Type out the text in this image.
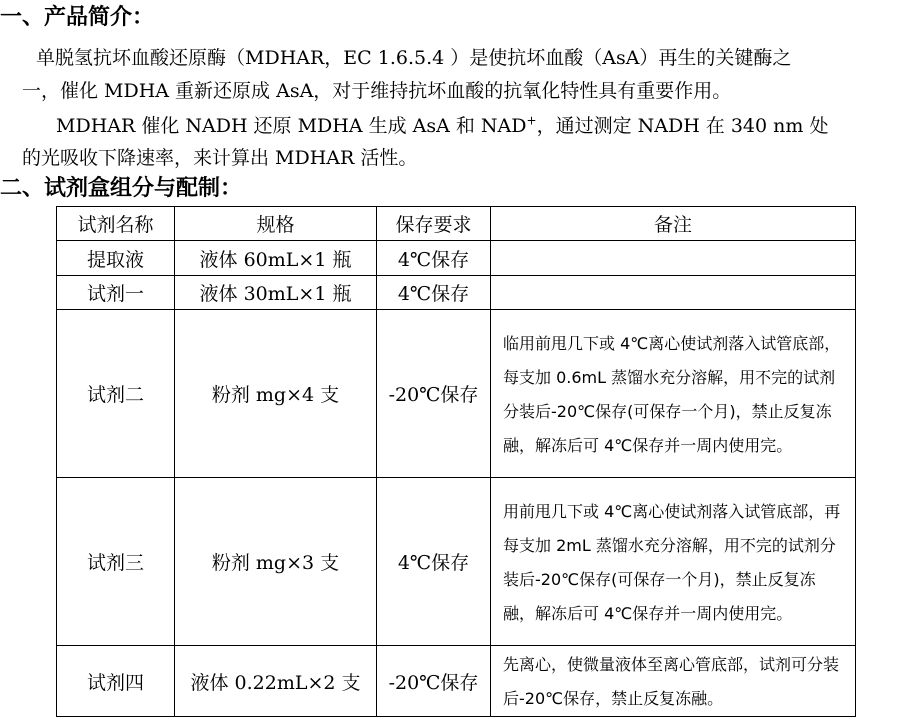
一、产品简介：
单脱氢抗坏血酸还原酶（MDHAR，EC 1.6.5.4 ）是使抗坏血酸（AsA）再生的关键酶之
一，催化 MDHA 重新还原成 AsA，对于维持抗坏血酸的抗氧化特性具有重要作用。
MDHAR 催化 NADH 还原 MDHA 生成 AsA 和 NAD+，通过测定 NADH 在 340 nm 处
的光吸收下降速率，来计算出 MDHAR 活性。
二、试剂盒组分与配制：
试剂名称	规格	保存要求	备注
提取液	液体 60mL×1 瓶	4℃保存	
试剂一	液体 30mL×1 瓶	4℃保存	
试剂二	粉剂 mg×4 支	-20℃保存	临用前甩几下或 4℃离心使试剂落入试管底部，每支加 0.6mL 蒸馏水充分溶解，用不完的试剂分装后-20℃保存(可保存一个月)，禁止反复冻融，解冻后可 4℃保存并一周内使用完。
试剂三	粉剂 mg×3 支	4℃保存	用前甩几下或 4℃离心使试剂落入试管底部，再每支加 2mL 蒸馏水充分溶解，用不完的试剂分装后-20℃保存(可保存一个月)，禁止反复冻融，解冻后可 4℃保存并一周内使用完。
试剂四	液体 0.22mL×2 支	-20℃保存	先离心，使微量液体至离心管底部，试剂可分装后-20℃保存，禁止反复冻融。
